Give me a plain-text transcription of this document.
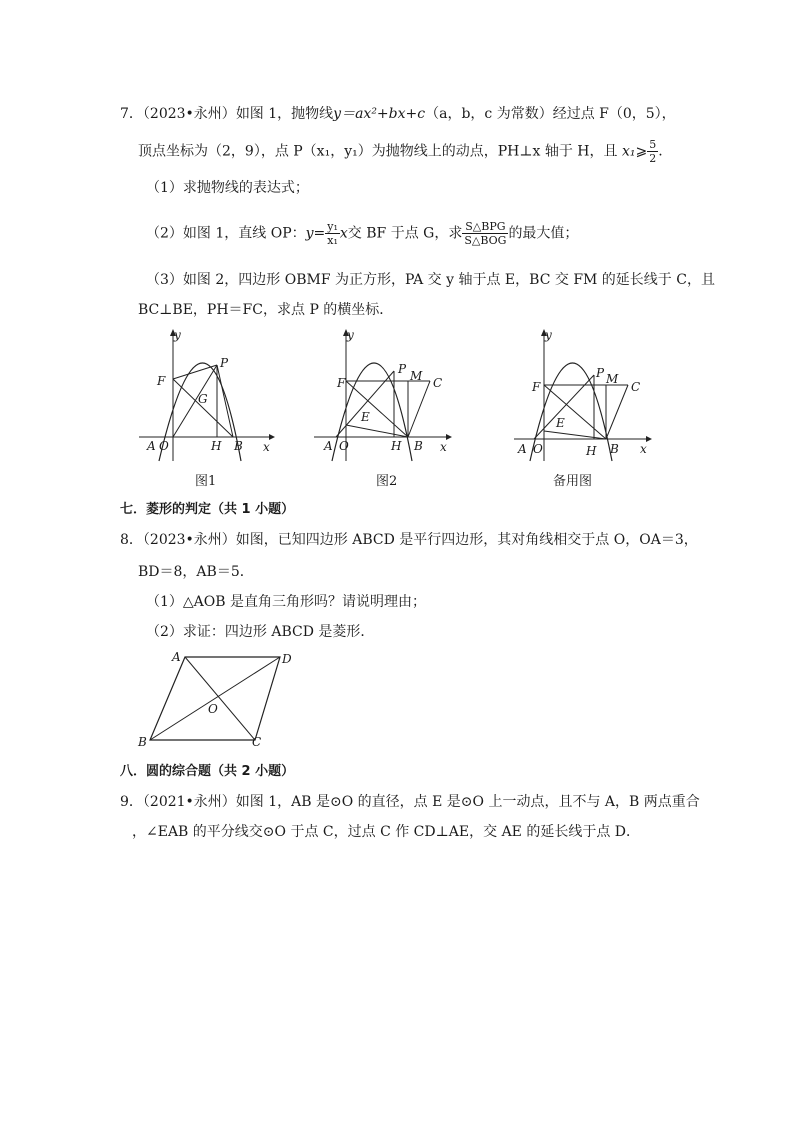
7．（2023•永州）如图 1，抛物线y＝ax²+bx+c（a，b，c 为常数）经过点 F（0，5），
顶点坐标为（2，9），点 P（x₁，y₁）为抛物线上的动点，PH⊥x 轴于 H，且 x₁⩾ $\frac{5}{2}$ .
（1）求抛物线的表达式；
（2）如图 1，直线 OP：$y= \frac{\text{y₁}}{\text{x₁}}$ x交 BF 于点 G，求 $\frac{\text{S△BPG}}{\text{S△BOG}}$ 的最大值；
（3）如图 2，四边形 OBMF 为正方形，PA 交 y 轴于点 E，BC 交 FM 的延长线于 C，且
BC⊥BE，PH＝FC，求点 P 的横坐标．
y
x
F
P
G
A O	H B
图1
y
x
F
P M C
E
A O	H B
图2
y
x
F
P M
C
E
A O	H B
备用图
七．菱形的判定（共 1 小题）
8．（2023•永州）如图，已知四边形 ABCD 是平行四边形，其对角线相交于点 O，OA＝3，
BD＝8，AB＝5．
（1）△AOB 是直角三角形吗？请说明理由；
（2）求证：四边形 ABCD 是菱形．
A	D
O
B	C
八．圆的综合题（共 2 小题）
9．（2021•永州）如图 1，AB 是⊙O 的直径，点 E 是⊙O 上一动点，且不与 A，B 两点重合
，∠EAB 的平分线交⊙O 于点 C，过点 C 作 CD⊥AE，交 AE 的延长线于点 D．
